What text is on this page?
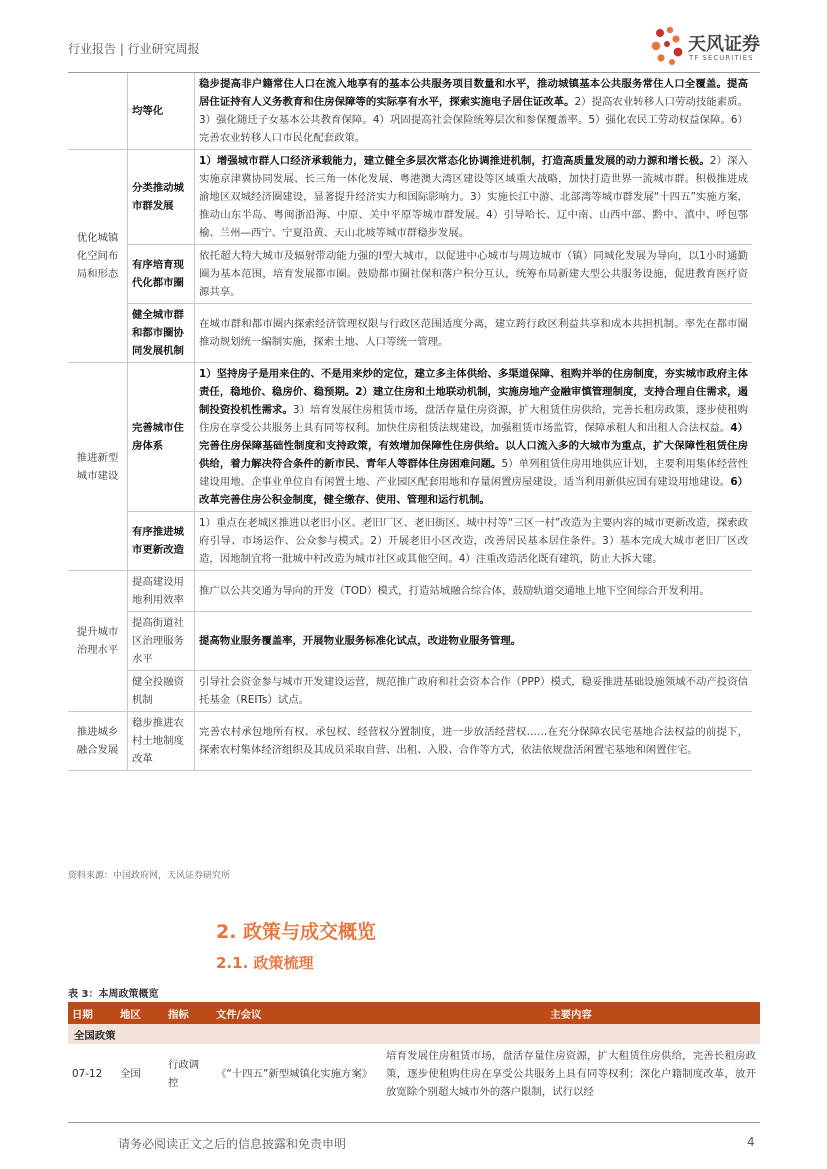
行业报告 | 行业研究周报	天风证券
TF SECURITIES
	均等化	稳步提高非户籍常住人口在流入地享有的基本公共服务项目数量和水平，推动城镇基本公共服务常住人口全覆盖。提高居住证持有人义务教育和住房保障等的实际享有水平，探索实施电子居住证改革。2）提高农业转移人口劳动技能素质。3）强化随迁子女基本公共教育保障。4）巩固提高社会保险统筹层次和参保覆盖率。5）强化农民工劳动权益保障。6）完善农业转移人口市民化配套政策。

优化城镇化空间布局和形态	分类推动城市群发展	1）增强城市群人口经济承载能力，建立健全多层次常态化协调推进机制，打造高质量发展的动力源和增长极。2）深入实施京津冀协同发展、长三角一体化发展、粤港澳大湾区建设等区域重大战略，加快打造世界一流城市群。积极推进成渝地区双城经济圈建设，显著提升经济实力和国际影响力。3）实施长江中游、北部湾等城市群发展“十四五”实施方案，推动山东半岛、粤闽浙沿海、中原、关中平原等城市群发展。4）引导哈长、辽中南、山西中部、黔中、滇中、呼包鄂榆、兰州—西宁、宁夏沿黄、天山北坡等城市群稳步发展。

	有序培育现代化都市圈	依托超大特大城市及辐射带动能力强的Ⅰ型大城市，以促进中心城市与周边城市（镇）同城化发展为导向，以1小时通勤圈为基本范围，培育发展都市圈。鼓励都市圈社保和落户积分互认，统筹布局新建大型公共服务设施，促进教育医疗资源共享。

	健全城市群和都市圈协同发展机制	在城市群和都市圈内探索经济管理权限与行政区范围适度分离，建立跨行政区利益共享和成本共担机制。率先在都市圈推动规划统一编制实施，探索土地、人口等统一管理。

推进新型城市建设	完善城市住房体系	1）坚持房子是用来住的、不是用来炒的定位，建立多主体供给、多渠道保障、租购并举的住房制度，夯实城市政府主体责任，稳地价、稳房价、稳预期。2）建立住房和土地联动机制，实施房地产金融审慎管理制度，支持合理自住需求，遏制投资投机性需求。3）培育发展住房租赁市场，盘活存量住房资源，扩大租赁住房供给，完善长租房政策，逐步使租购住房在享受公共服务上具有同等权利。加快住房租赁法规建设，加强租赁市场监管，保障承租人和出租人合法权益。4）完善住房保障基础性制度和支持政策，有效增加保障性住房供给。以人口流入多的大城市为重点，扩大保障性租赁住房供给，着力解决符合条件的新市民、青年人等群体住房困难问题。5）单列租赁住房用地供应计划，主要利用集体经营性建设用地、企事业单位自有闲置土地、产业园区配套用地和存量闲置房屋建设，适当利用新供应国有建设用地建设。6）改革完善住房公积金制度，健全缴存、使用、管理和运行机制。

	有序推进城市更新改造	1）重点在老城区推进以老旧小区、老旧厂区、老旧街区、城中村等“三区一村”改造为主要内容的城市更新改造，探索政府引导、市场运作、公众参与模式。2）开展老旧小区改造，改善居民基本居住条件。3）基本完成大城市老旧厂区改造，因地制宜将一批城中村改造为城市社区或其他空间。4）注重改造活化既有建筑，防止大拆大建。

提升城市治理水平	提高建设用地利用效率	推广以公共交通为导向的开发（TOD）模式，打造站城融合综合体，鼓励轨道交通地上地下空间综合开发利用。

	提高街道社区治理服务水平	提高物业服务覆盖率，开展物业服务标准化试点，改进物业服务管理。

	健全投融资机制	引导社会资金参与城市开发建设运营，规范推广政府和社会资本合作（PPP）模式，稳妥推进基础设施领域不动产投资信托基金（REITs）试点。

推进城乡融合发展	稳步推进农村土地制度改革	完善农村承包地所有权、承包权、经营权分置制度，进一步放活经营权……在充分保障农民宅基地合法权益的前提下，探索农村集体经济组织及其成员采取自营、出租、入股、合作等方式，依法依规盘活闲置宅基地和闲置住宅。

资料来源：中国政府网，天风证券研究所
2. 政策与成交概览
2.1. 政策梳理
表 3：本周政策概览
日期	地区	指标	文件/会议	主要内容
全国政策				
07-12	全国	行政调控	《“十四五”新型城镇化实施方案》	培育发展住房租赁市场，盘活存量住房资源，扩大租赁住房供给，完善长租房政策，逐步使租购住房在享受公共服务上具有同等权利；深化户籍制度改革，放开放宽除个别超大城市外的落户限制，试行以经
请务必阅读正文之后的信息披露和免责申明	4
